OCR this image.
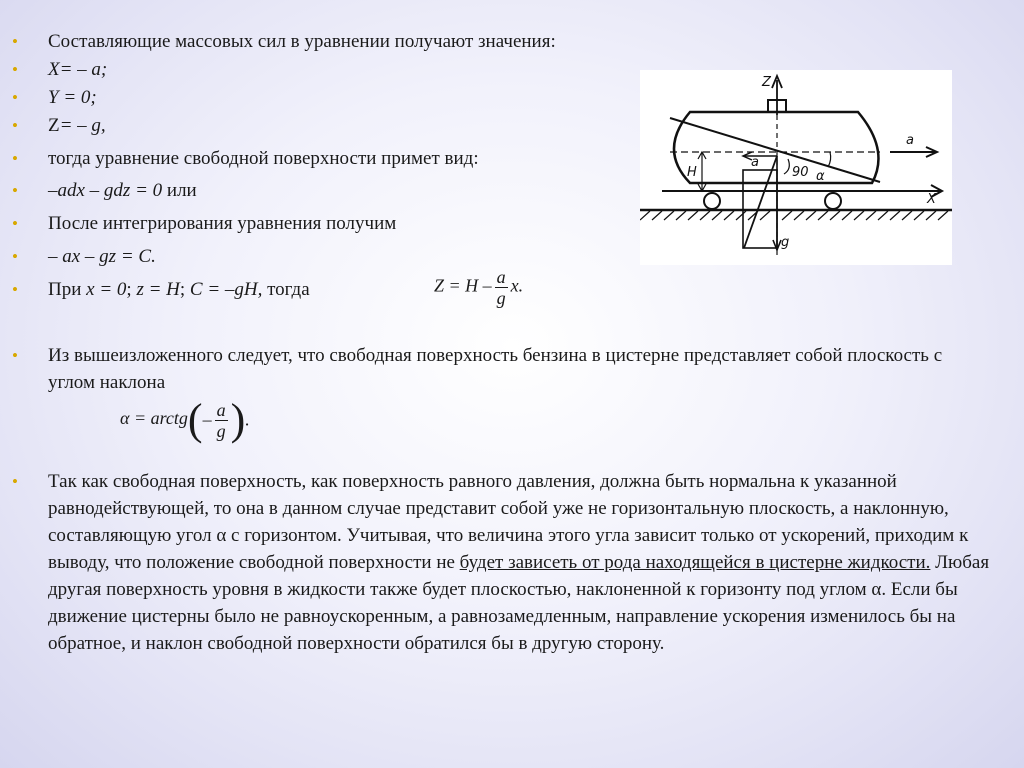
• Составляющие массовых сил в уравнении получают значения:
• X= – a;
• Y = 0;
• Z= – g,
• тогда уравнение свободной поверхности примет вид:
• –adx – gdz = 0 или
• После интегрирования уравнения получим
• – ax – gz = C.
• При x = 0; z = H; C = –gH, тогда	$Z = H - \frac{a}{g} x$.
• Из вышеизложенного следует, что свободная поверхность бензина в цистерне представляет собой плоскость с углом наклона
α = arctg(– $\frac{a}{g}$ ).
• Так как свободная поверхность, как поверхность равного давления, должна быть нормальна к указанной равнодействующей, то она в данном случае представит собой уже не горизонтальную плоскость, а наклонную, составляющую угол α с горизонтом. Учитывая, что величина этого угла зависит только от ускорений, приходим к выводу, что положение свободной поверхности не будет зависеть от рода находящейся в цистерне жидкости. Любая другая поверхность уровня в жидкости также будет плоскостью, наклоненной к горизонту под углом α. Если бы движение цистерны было не равноускоренным, а равнозамедленным, направление ускорения изменилось бы на обратное, и наклон свободной поверхности обратился бы в другую сторону.
X
Z
a
a
H
g
90 α
